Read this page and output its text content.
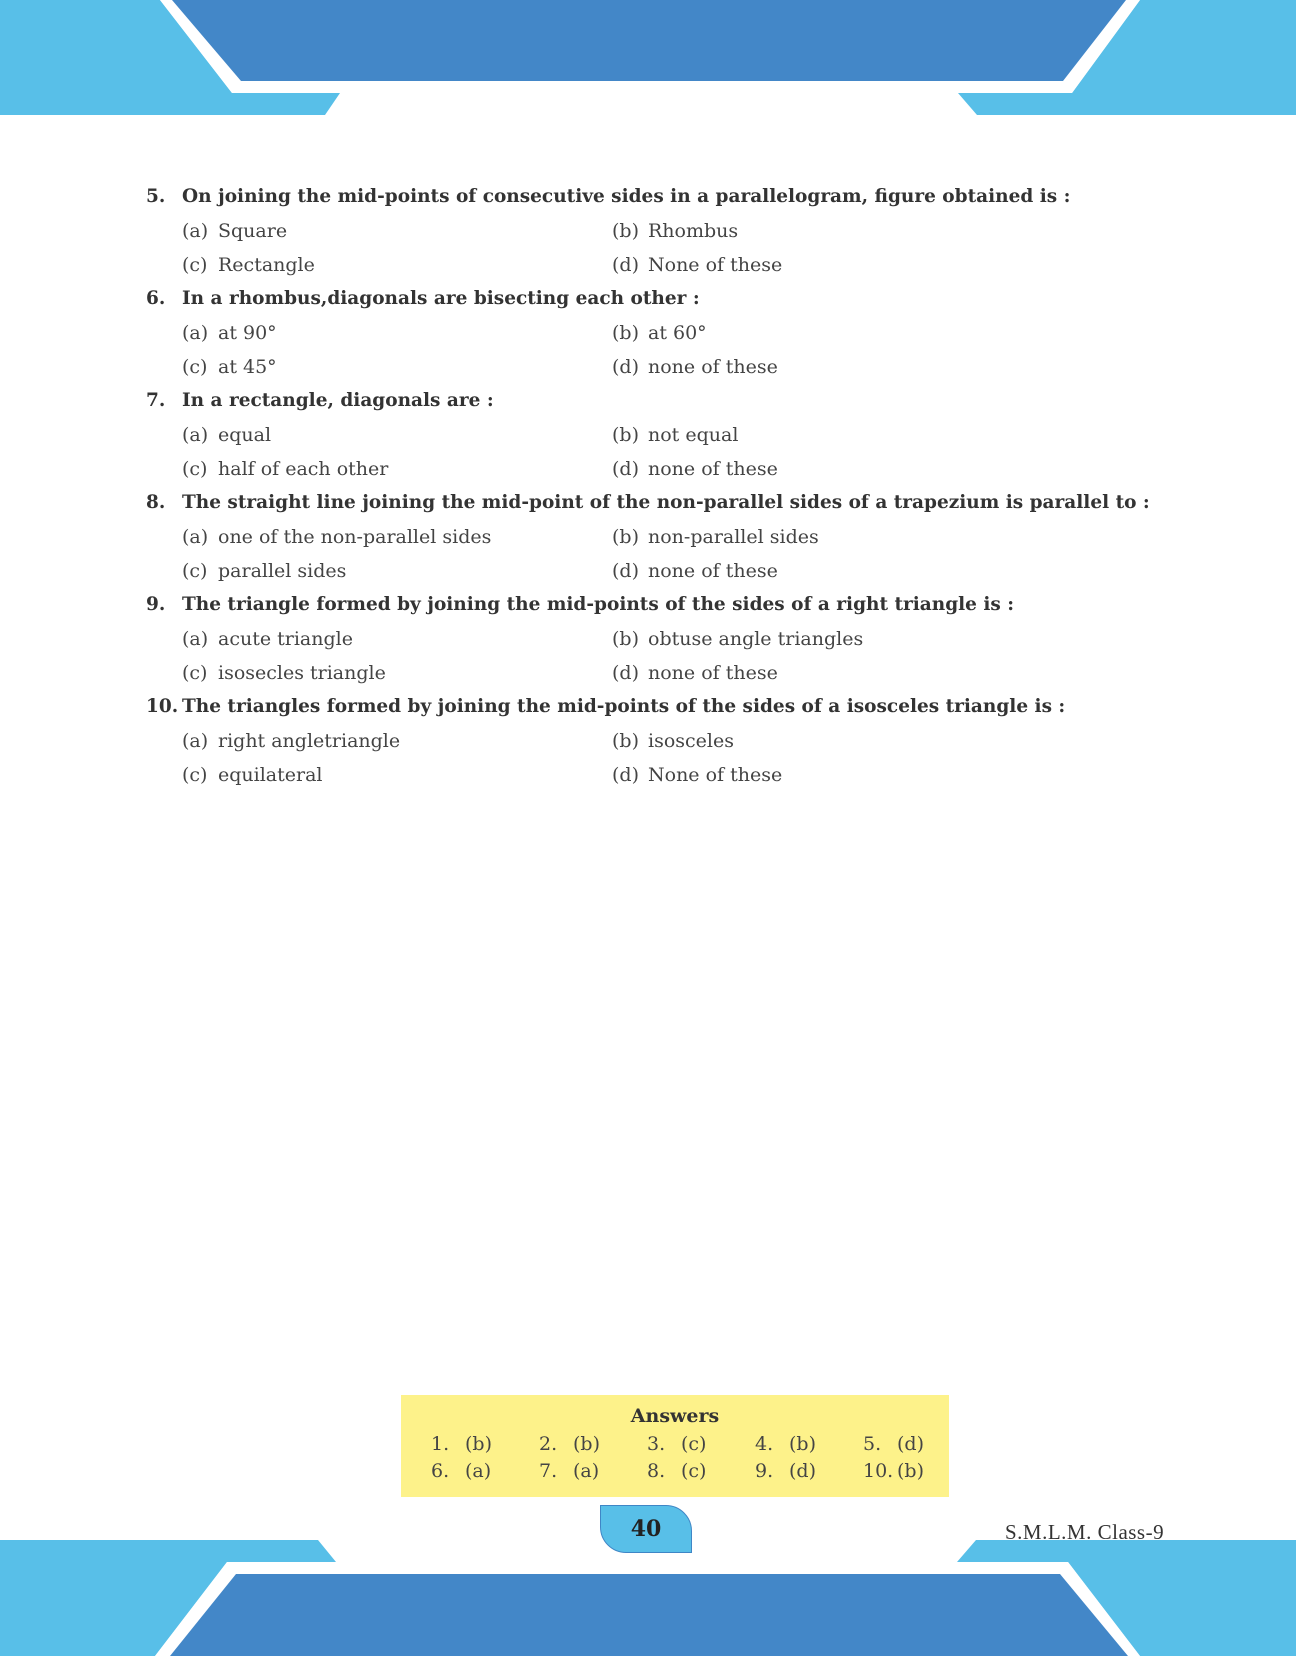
5. On joining the mid-points of consecutive sides in a parallelogram, figure obtained is :
(a) Square	(b) Rhombus
(c) Rectangle	(d) None of these
6. In a rhombus,diagonals are bisecting each other :
(a) at 90°	(b) at 60°
(c) at 45°	(d) none of these
7. In a rectangle, diagonals are :
(a) equal	(b) not equal
(c) half of each other	(d) none of these
8. The straight line joining the mid-point of the non-parallel sides of a trapezium is parallel to :
(a) one of the non-parallel sides	(b) non-parallel sides
(c) parallel sides	(d) none of these
9. The triangle formed by joining the mid-points of the sides of a right triangle is :
(a) acute triangle	(b) obtuse angle triangles
(c) isosecles triangle	(d) none of these
10. The triangles formed by joining the mid-points of the sides of a isosceles triangle is :
(a) right angletriangle	(b) isosceles
(c) equilateral	(d) None of these
Answers
1. (b) 2. (b) 3. (c)	4. (b) 5. (d)
6. (a)	7. (a)	8. (c)	9. (d) 10. (b)
40	S.M.L.M. Class-9
